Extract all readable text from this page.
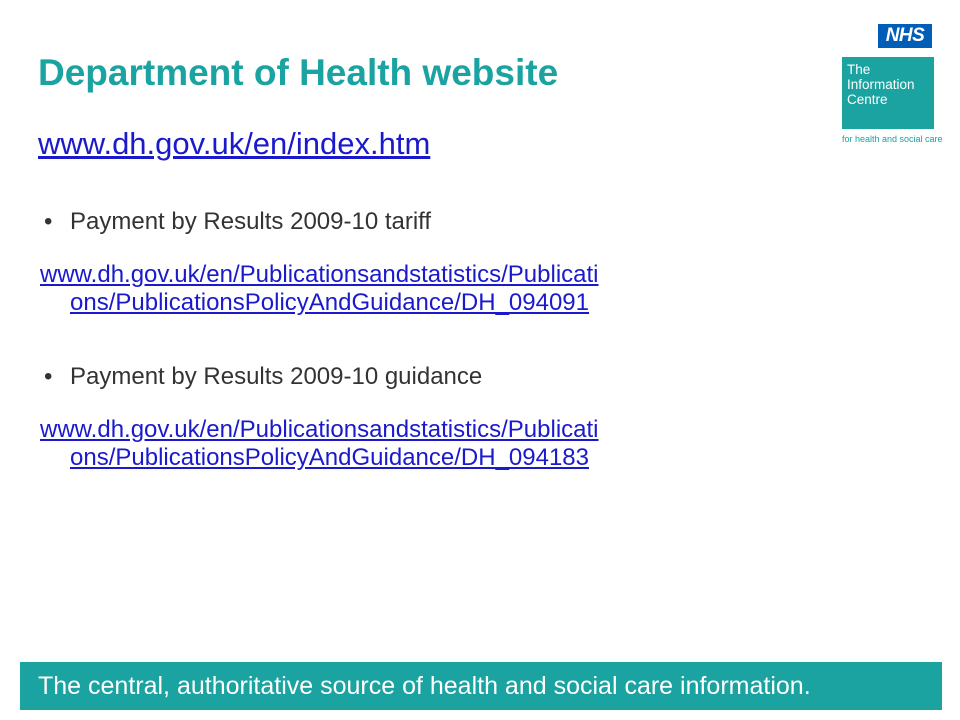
Department of Health website
www.dh.gov.uk/en/index.htm
• Payment by Results 2009-10 tariff
www.dh.gov.uk/en/Publicationsandstatistics/Publicati
ons/PublicationsPolicyAndGuidance/DH_094091
• Payment by Results 2009-10 guidance
www.dh.gov.uk/en/Publicationsandstatistics/Publicati
ons/PublicationsPolicyAndGuidance/DH_094183
NHS
The
Information
Centre
for health and social care
The central, authoritative source of health and social care information.
